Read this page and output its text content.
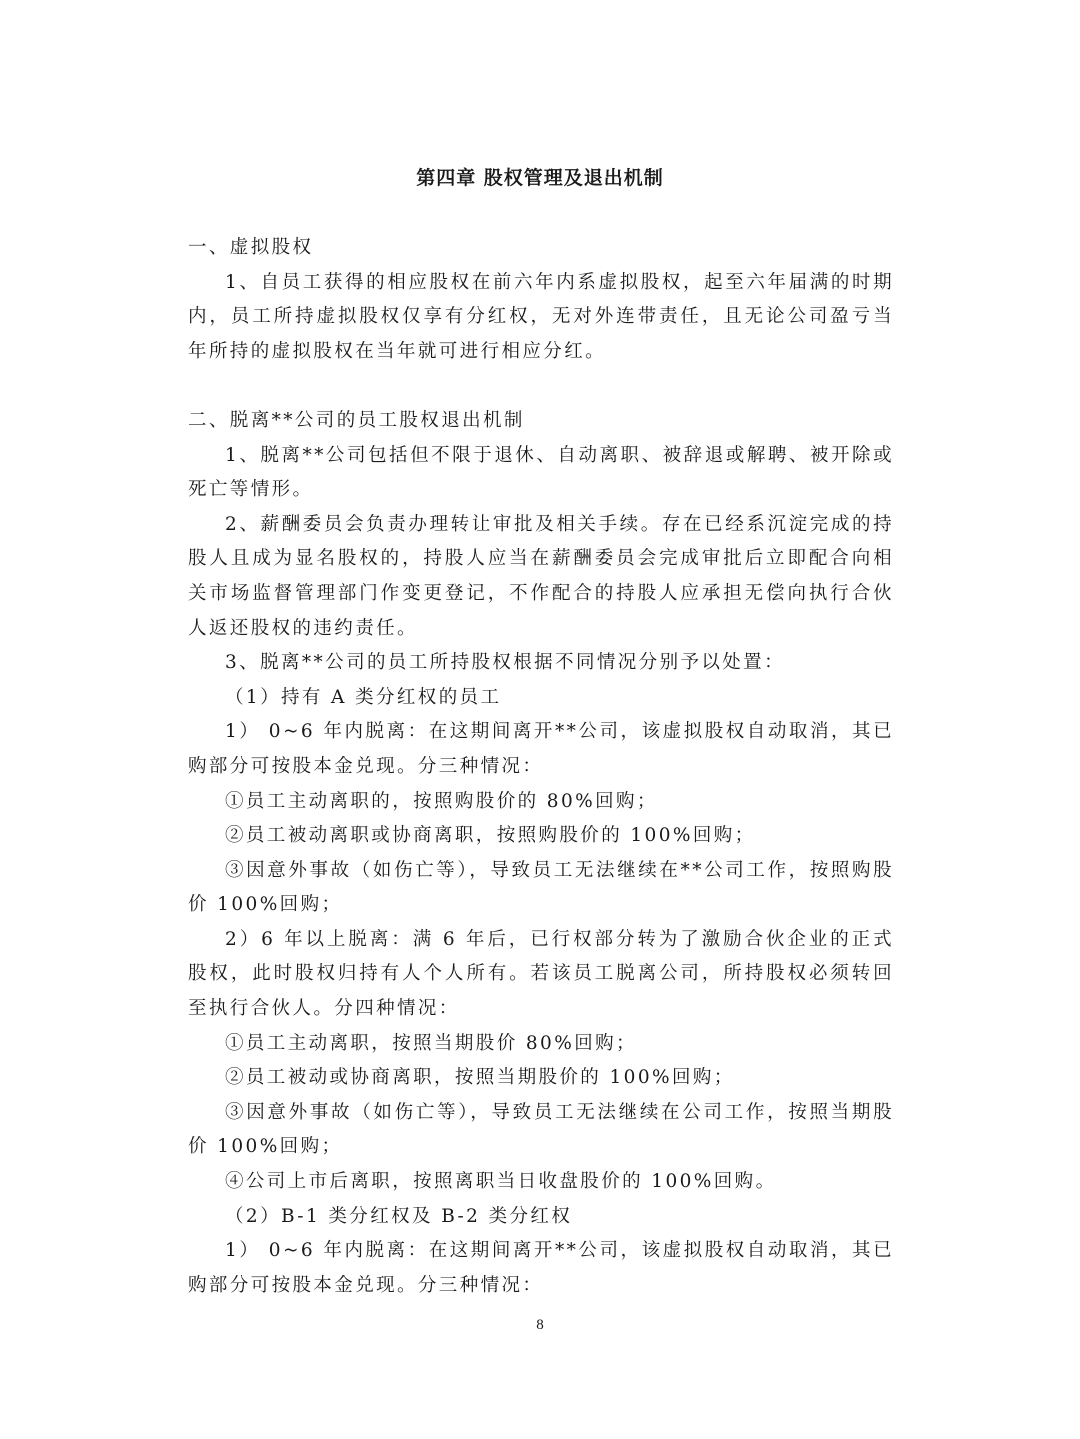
第四章 股权管理及退出机制

一、虚拟股权

1、自员工获得的相应股权在前六年内系虚拟股权，起至六年届满的时期内，员工所持虚拟股权仅享有分红权，无对外连带责任，且无论公司盈亏当年所持的虚拟股权在当年就可进行相应分红。

二、脱离**公司的员工股权退出机制

1、脱离**公司包括但不限于退休、自动离职、被辞退或解聘、被开除或死亡等情形。

2、薪酬委员会负责办理转让审批及相关手续。存在已经系沉淀完成的持股人且成为显名股权的，持股人应当在薪酬委员会完成审批后立即配合向相关市场监督管理部门作变更登记，不作配合的持股人应承担无偿向执行合伙人返还股权的违约责任。

3、脱离**公司的员工所持股权根据不同情况分别予以处置：

（1）持有 A 类分红权的员工

1） 0~6 年内脱离：在这期间离开**公司，该虚拟股权自动取消，其已购部分可按股本金兑现。分三种情况：

①员工主动离职的，按照购股价的 80%回购；

②员工被动离职或协商离职，按照购股价的 100%回购；

③因意外事故（如伤亡等），导致员工无法继续在**公司工作，按照购股价 100%回购；

2）6 年以上脱离：满 6 年后，已行权部分转为了激励合伙企业的正式股权，此时股权归持有人个人所有。若该员工脱离公司，所持股权必须转回至执行合伙人。分四种情况：

①员工主动离职，按照当期股价 80%回购；

②员工被动或协商离职，按照当期股价的 100%回购；

③因意外事故（如伤亡等），导致员工无法继续在公司工作，按照当期股价 100%回购；

④公司上市后离职，按照离职当日收盘股价的 100%回购。

（2）B-1 类分红权及 B-2 类分红权

1） 0~6 年内脱离：在这期间离开**公司，该虚拟股权自动取消，其已购部分可按股本金兑现。分三种情况：

8
